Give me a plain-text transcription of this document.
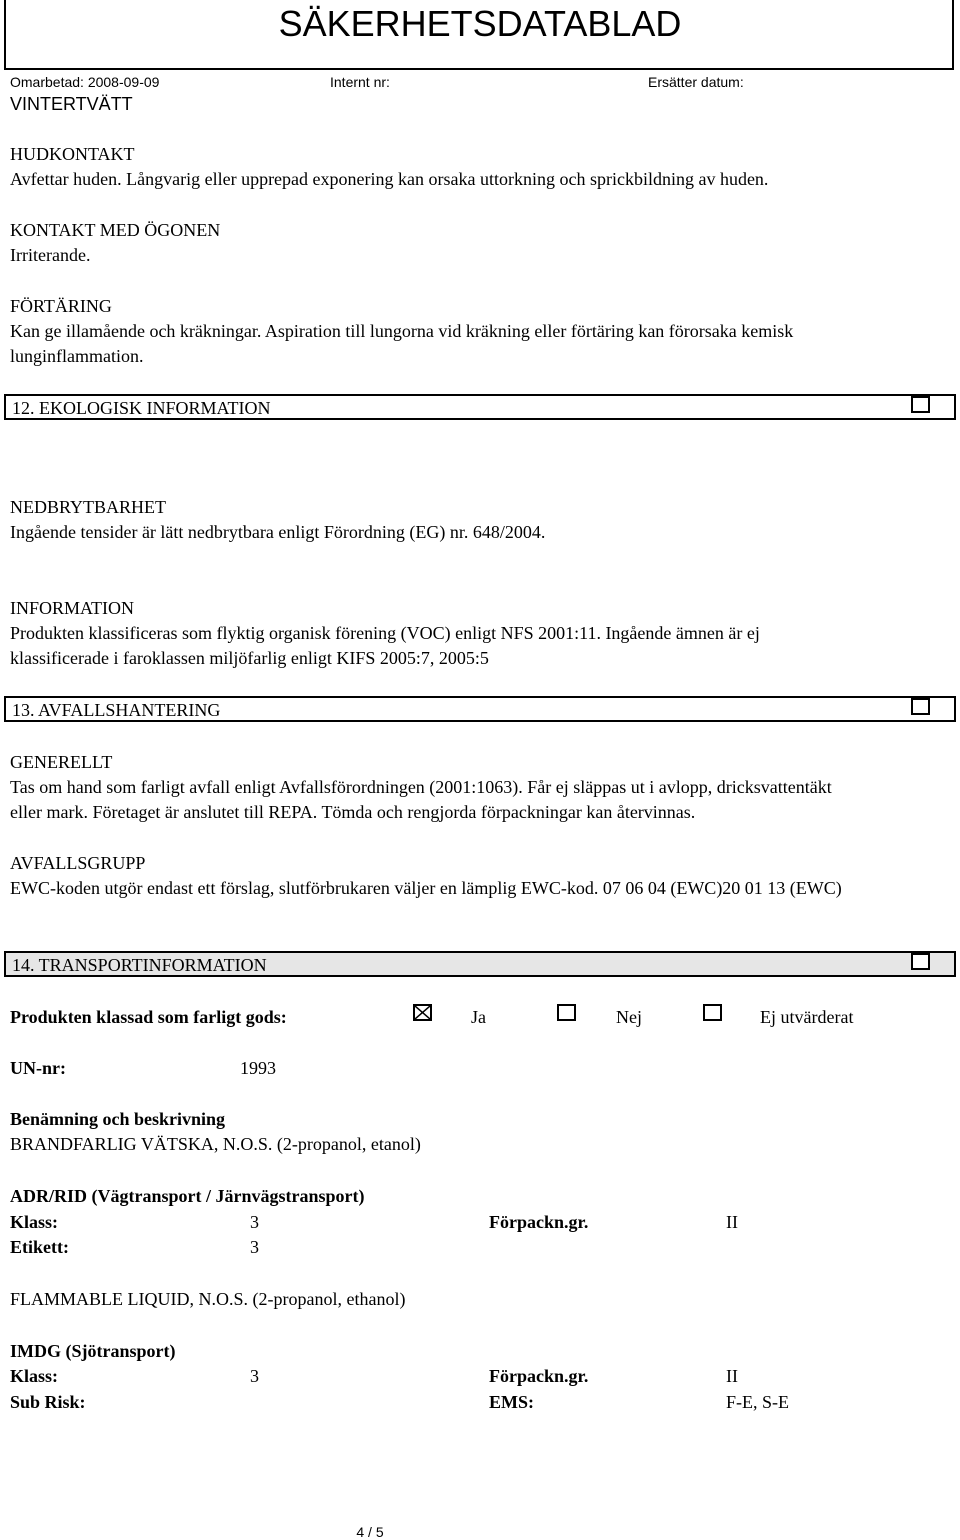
SÄKERHETSDATABLAD
Omarbetad: 2008-09-09	Internt nr:	Ersätter datum:
VINTERTVÄTT
HUDKONTAKT
Avfettar huden. Långvarig eller upprepad exponering kan orsaka uttorkning och sprickbildning av huden.
KONTAKT MED ÖGONEN
Irriterande.
FÖRTÄRING
Kan ge illamående och kräkningar. Aspiration till lungorna vid kräkning eller förtäring kan förorsaka kemisk
lunginflammation.
12. EKOLOGISK INFORMATION
NEDBRYTBARHET
Ingående tensider är lätt nedbrytbara enligt Förordning (EG) nr. 648/2004.
INFORMATION
Produkten klassificeras som flyktig organisk förening (VOC) enligt NFS 2001:11. Ingående ämnen är ej
klassificerade i faroklassen miljöfarlig enligt KIFS 2005:7, 2005:5
13. AVFALLSHANTERING
GENERELLT
Tas om hand som farligt avfall enligt Avfallsförordningen (2001:1063). Får ej släppas ut i avlopp, dricksvattentäkt
eller mark. Företaget är anslutet till REPA. Tömda och rengjorda förpackningar kan återvinnas.
AVFALLSGRUPP
EWC-koden utgör endast ett förslag, slutförbrukaren väljer en lämplig EWC-kod. 07 06 04 (EWC)20 01 13 (EWC)
14. TRANSPORTINFORMATION
Produkten klassad som farligt gods:	Ja	Nej	Ej utvärderat
UN-nr:	1993
Benämning och beskrivning
BRANDFARLIG VÄTSKA, N.O.S. (2-propanol, etanol)
ADR/RID (Vägtransport / Järnvägstransport)
Klass:	3	Förpackn.gr.	II
Etikett:	3
FLAMMABLE LIQUID, N.O.S. (2-propanol, ethanol)
IMDG (Sjötransport)
Klass:	3	Förpackn.gr.	II
Sub Risk:	EMS:	F-E, S-E
4 / 5
